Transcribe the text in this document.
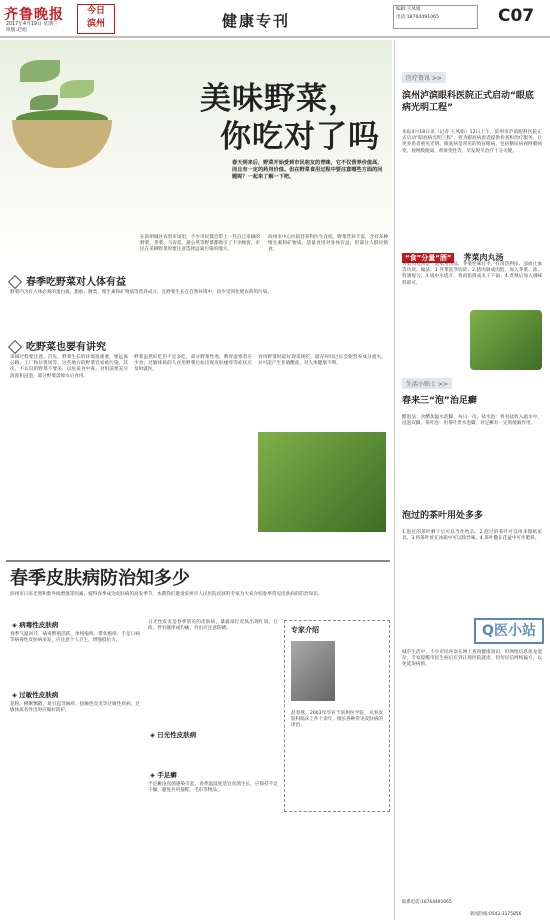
齐鲁晚报	今日
滨州
2017年4月19日 星期三
组版:赵旭
健康专刊
编辑:王凤娟
电话:18764491065	C07
美味野菜，
你吃对了吗
春天到来后，野菜开始受到市民朋友的青睐，它不仅营养价值高，而且有一定的药用价值。但在野菜食用过程中要注意哪些方面的问题呢？一起来了解一下吧。
在滨州城区农贸市场里，不少市民都会带上一些自己采摘的野菜，荠菜、马齿苋、蒲公英等野菜都吸引了不少顾客。市民在采摘野菜时要注意选择远离污染的地方。
滨州市中心医院营养科医生介绍，野菜营养丰富，含有多种维生素和矿物质，适量食用对身体有益，但部分人群应慎食。
春季吃野菜对人体有益
野菜内含有人体必须的蛋白质、脂肪、糖类、维生素和矿物质等营养成分，且野菜生长在自然环境中，较少受到化肥农药的污染。
吃野菜也要有讲究
采摘过程要注意，首先，野菜生长的环境很重要，要远离公路、工厂和垃圾场等，这些地方的野菜容易被污染。其次，不认识的野菜不要采，以免误食中毒。食用前要充分清洗和浸泡，部分野菜需焯水后食用。
野菜虽然好吃但不宜多吃，部分野菜性寒，脾胃虚寒者应少食；过敏体质的人食用野菜后如出现皮肤瘙痒等症状应及时就医。
食用野菜时最好现采现吃，储存时间过长会使营养成分流失，并可能产生亚硝酸盐，对人体健康不利。
春季皮肤病防治知多少
滨州市日来光照和紫外线增强等因素，使得春季成为皮肤病的高发季节，本期我们邀请滨州市人民医院皮肤科专家为大家介绍春季常见皮肤病的防治知识。
◈ 病毒性皮肤病
春季气温回升，病毒繁殖活跃，单纯疱疹、带状疱疹、手足口病等病毒性皮肤病多发，应注意个人卫生，增强抵抗力。
◈ 过敏性皮肤病
花粉、柳絮飘散，易引起荨麻疹、接触性皮炎等过敏性疾病，过敏体质者外出时应做好防护。
日光性皮炎是春季常见的皮肤病，暴露部位皮肤出现红斑、丘疹，伴有瘙痒或灼痛，外出应注意防晒。
◈ 日光性皮肤病
◈ 手足癣
手足癣由真菌感染引起，春季温湿度适宜真菌生长，应保持手足干燥，避免共用拖鞋、毛巾等物品。
专家介绍
赵春燕，2003年毕业于滨州医学院，从事皮肤科临床工作十余年，擅长各种常见皮肤病的诊治。
医疗资讯 >>
滨州泸滨眼科医院正式启动“眼底病光明工程”
本报4月18日讯（记者 王凤娟）12日上午，滨州市泸滨眼科医院正式启动“眼底病光明工程”，将为眼底病患者提供检查和治疗服务，让更多患者重见光明。眼底病是常见的致盲眼病，包括糖尿病视网膜病变、视网膜脱离、黄斑变性等，早发现早治疗十分关键。
“食”分量“酒” 荠菜肉丸汤
荠菜肉丸汤是一道家常汤品，荠菜性味甘平，有清热利尿、凉血止血等功效。做法：1.荠菜洗净切碎；2.猪肉剁成肉馅，加入荠菜、盐、料酒搅匀；3.锅中水烧开，将肉馅挤成丸子下锅；4.煮熟后加入调味料即可。
生活小贴士 >>
春来三“泡”治足癣
醋泡法：食醋加温水泡脚，每日一次。盐水泡：将食盐放入温水中，浸泡双脚。茶叶泡：用茶叶煮水泡脚，对足癣有一定的缓解作用。
泡过的茶叶用处多多
1.泡过的茶叶晒干后可以当作枕芯。2.泡过的茶叶可以用来擦拭家具。3.将茶叶放在冰箱中可以除异味。4.茶叶撒在花盆中可作肥料。
Q医小站
城市生活中，不少市民喜欢在网上查询健康知识，但网络信息鱼龙混杂，专家提醒市民生病后应到正规医院就诊，切勿轻信网络偏方，以免延误病情。
联系电话:18764491065
新闻热线:0543-3175856
